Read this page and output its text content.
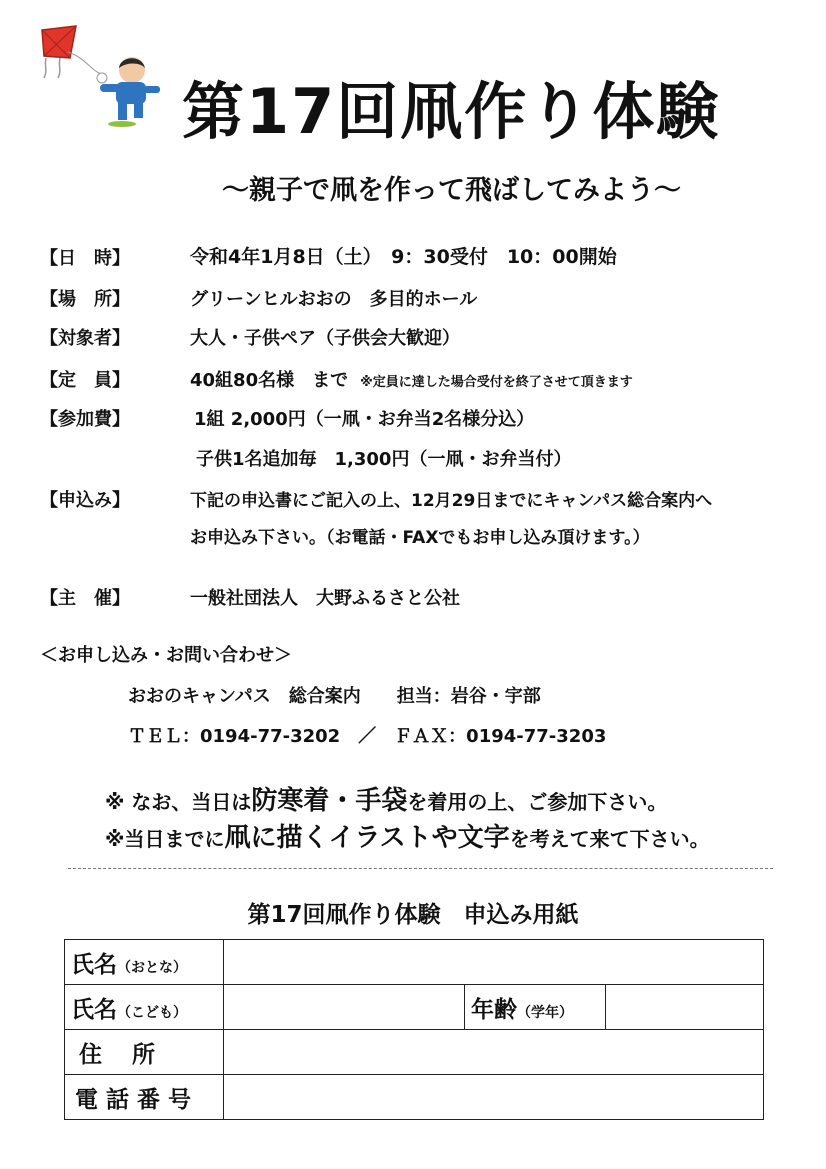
第17回凧作り体験
～親子で凧を作って飛ばしてみよう～
【日　時】	令和4年1月8日（土）　9：30受付　10：00開始
【場　所】	グリーンヒルおおの　多目的ホール
【対象者】	大人・子供ペア（子供会大歓迎）
【定　員】	40組80名様　まで ※定員に達した場合受付を終了させて頂きます
【参加費】	1組 2,000円（一凧・お弁当2名様分込）
子供1名追加毎　1,300円（一凧・お弁当付）
【申込み】	下記の申込書にご記入の上、12月29日までにキャンパス総合案内へ
お申込み下さい。（お電話・FAXでもお申し込み頂けます。）
【主　催】	一般社団法人　大野ふるさと公社
＜お申し込み・お問い合わせ＞
おおのキャンパス　総合案内　　担当：岩谷・宇部
ＴＥＬ：0194-77-3202　／　ＦＡＸ：0194-77-3203
※ なお、当日は防寒着・手袋を着用の上、ご参加下さい。
※当日までに凧に描くイラストや文字を考えて来て下さい。
第17回凧作り体験　申込み用紙
氏名（おとな）			
氏名（こども）		年齢（学年）	
住所			
電話番号			
